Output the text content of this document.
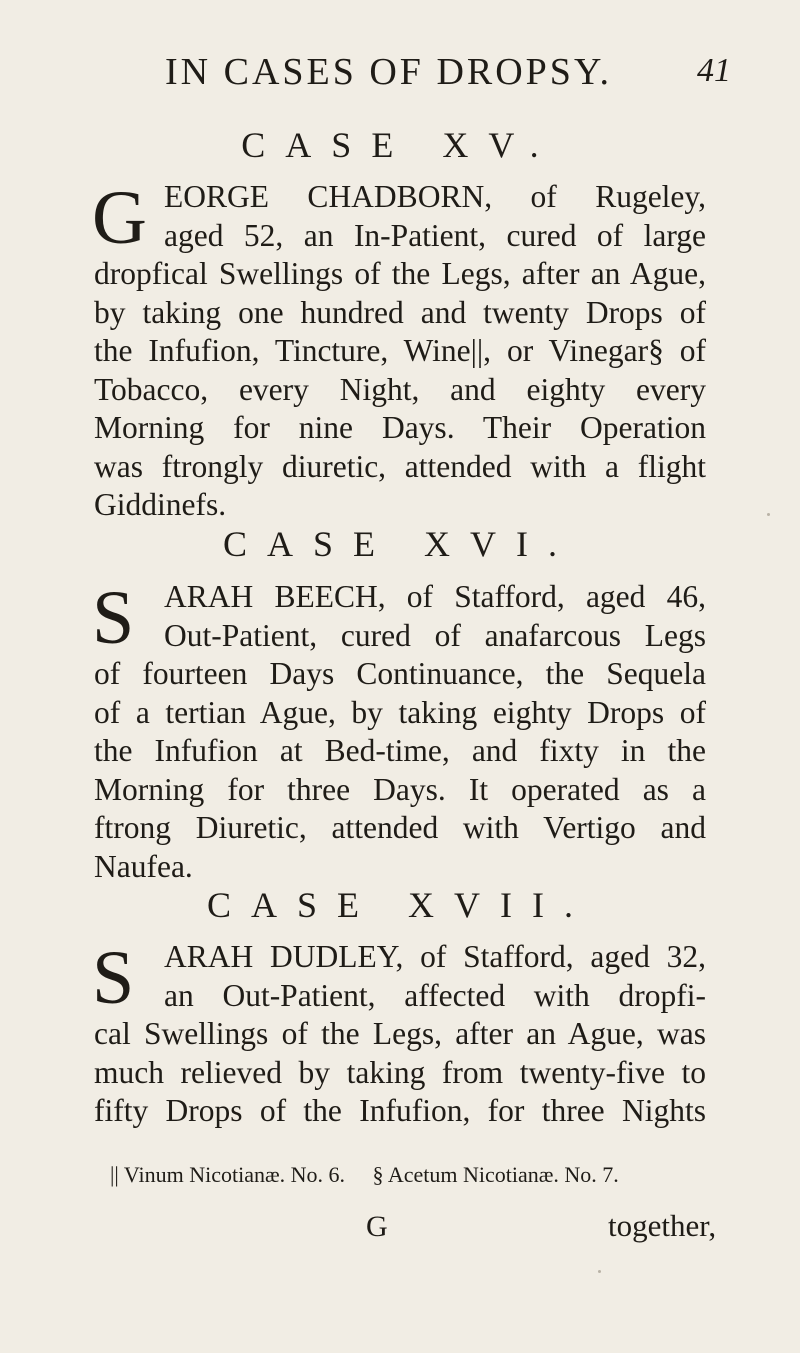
IN CASES OF DROPSY.	41
CASE XV.
G EORGE CHADBORN, of Rugeley,
aged 52, an In-Patient, cured of large
dropfical Swellings of the Legs, after an Ague,
by taking one hundred and twenty Drops of
the Infufion, Tincture, Wine||, or Vinegar§ of
Tobacco, every Night, and eighty every
Morning for nine Days. Their Operation
was ftrongly diuretic, attended with a flight
Giddinefs.
CASE XVI.
S ARAH BEECH, of Stafford, aged 46,
Out-Patient, cured of anafarcous Legs
of fourteen Days Continuance, the Sequela
of a tertian Ague, by taking eighty Drops of
the Infufion at Bed-time, and fixty in the
Morning for three Days. It operated as a
ftrong Diuretic, attended with Vertigo and
Naufea.
CASE XVII.
S ARAH DUDLEY, of Stafford, aged 32,
an Out-Patient, affected with dropfi-
cal Swellings of the Legs, after an Ague, was
much relieved by taking from twenty-five to
fifty Drops of the Infufion, for three Nights
|| Vinum Nicotianæ. No. 6. § Acetum Nicotianæ. No. 7.
G	together,
